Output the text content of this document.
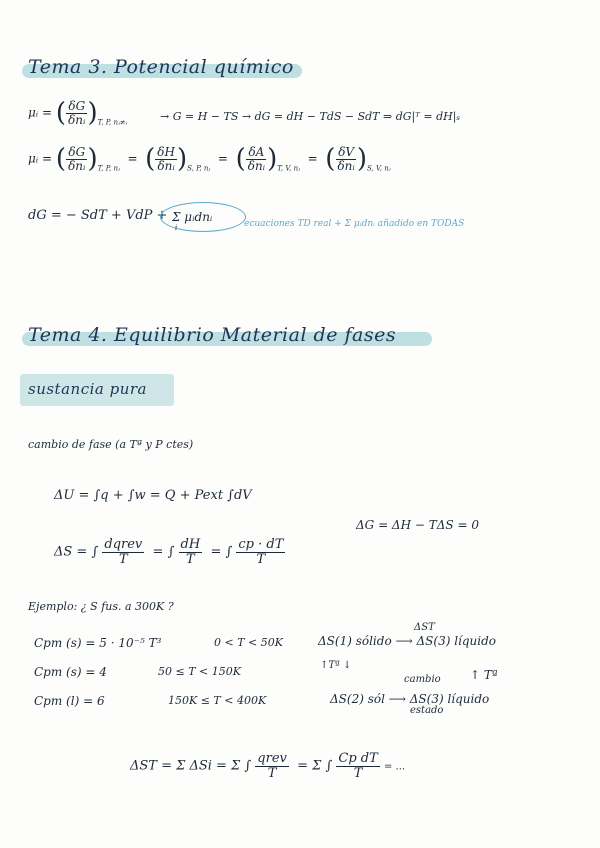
Tema 3. Potencial químico
μᵢ = ( $\frac{\delta G}{\text{δnᵢ}} )_{T, P, nⱼ\ne ᵢ}$	→ G = H − TS → dG = dH − TdS − SdT ⇒ dG|ᵀ = dH|ₛ
μᵢ = ( $\frac{\delta G}{\text{δnᵢ}} )_{T, P, nⱼ}$  =  ( $\frac{\delta H}{\text{δnᵢ}} )_{S, P, nⱼ}$  =  ( $\frac{\delta A}{\text{δnᵢ}} )_{T, V, nⱼ}$  =  ( $\frac{\delta V}{\text{δnᵢ}} )_{S, V, nⱼ}$
dG = − SdT + VdP + Σ μᵢdnᵢ
i	ecuaciones TD real + Σ μᵢdnᵢ añadido en TODAS
Tema 4. Equilibrio Material de fases
sustancia pura
cambio de fase (a Tª y P ctes)
ΔU = ∫q + ∫w = Q + Pext ∫dV
ΔG = ΔH − TΔS = 0
ΔS = ∫ $\frac{\text{dqrev}}{T}$ = ∫ $\frac{dH}{T}$ = ∫ $\frac{cp \cdot dT}{T}$
Ejemplo: ¿ S fus. a 300K ?
Cpm (s) = 5 · 10⁻⁵ T³	0 < T < 50K
Cpm (s) = 4	50 ≤ T < 150K
Cpm (l) = 6	150K ≤ T < 400K
ΔST
ΔS(1) sólido ⟶ ΔS(3) líquido
↑Tª ↓
cambio ↑ Tª
ΔS(2) sól ⟶ ΔS(3) líquido
estado
ΔST = Σ ΔSi = Σ ∫ $\frac{\text{qrev}}{T} = \Sigma$ ∫ $\frac{\text{Cp dT}}{T}$ = ...
